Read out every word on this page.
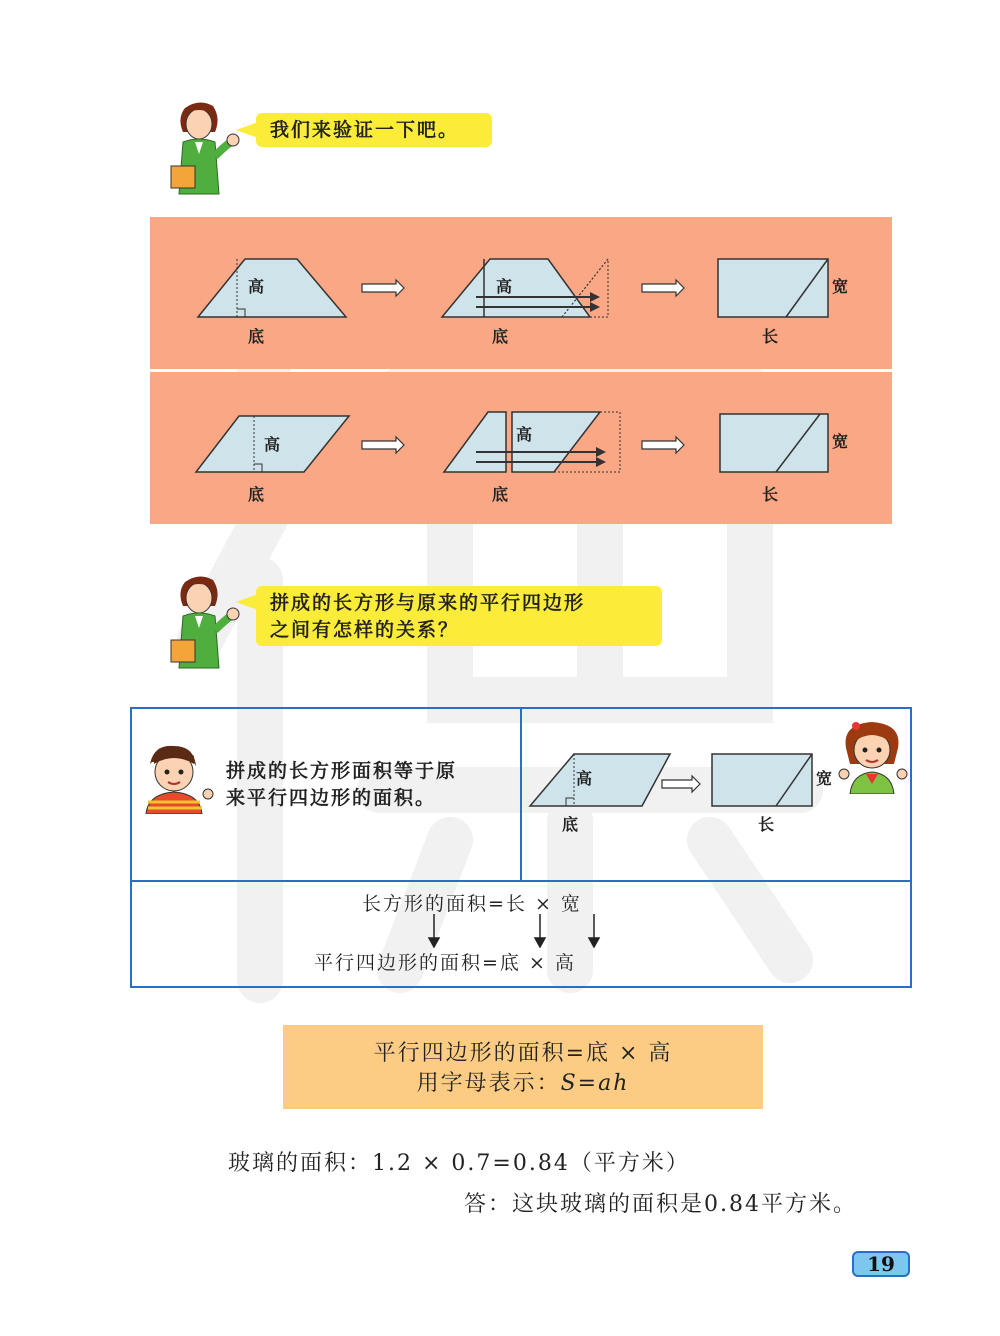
我们来验证一下吧。
高
底
高
底
宽
长
高
底
高
底
宽
长
拼成的长方形与原来的平行四边形
之间有怎样的关系？
拼成的长方形面积等于原
来平行四边形的面积。
高
底
宽
长
长方形的面积=长 × 宽
平行四边形的面积=底 × 高
平行四边形的面积=底 × 高
用字母表示：S=ah
玻璃的面积：1.2 × 0.7=0.84（平方米）
答：这块玻璃的面积是0.84平方米。
19
